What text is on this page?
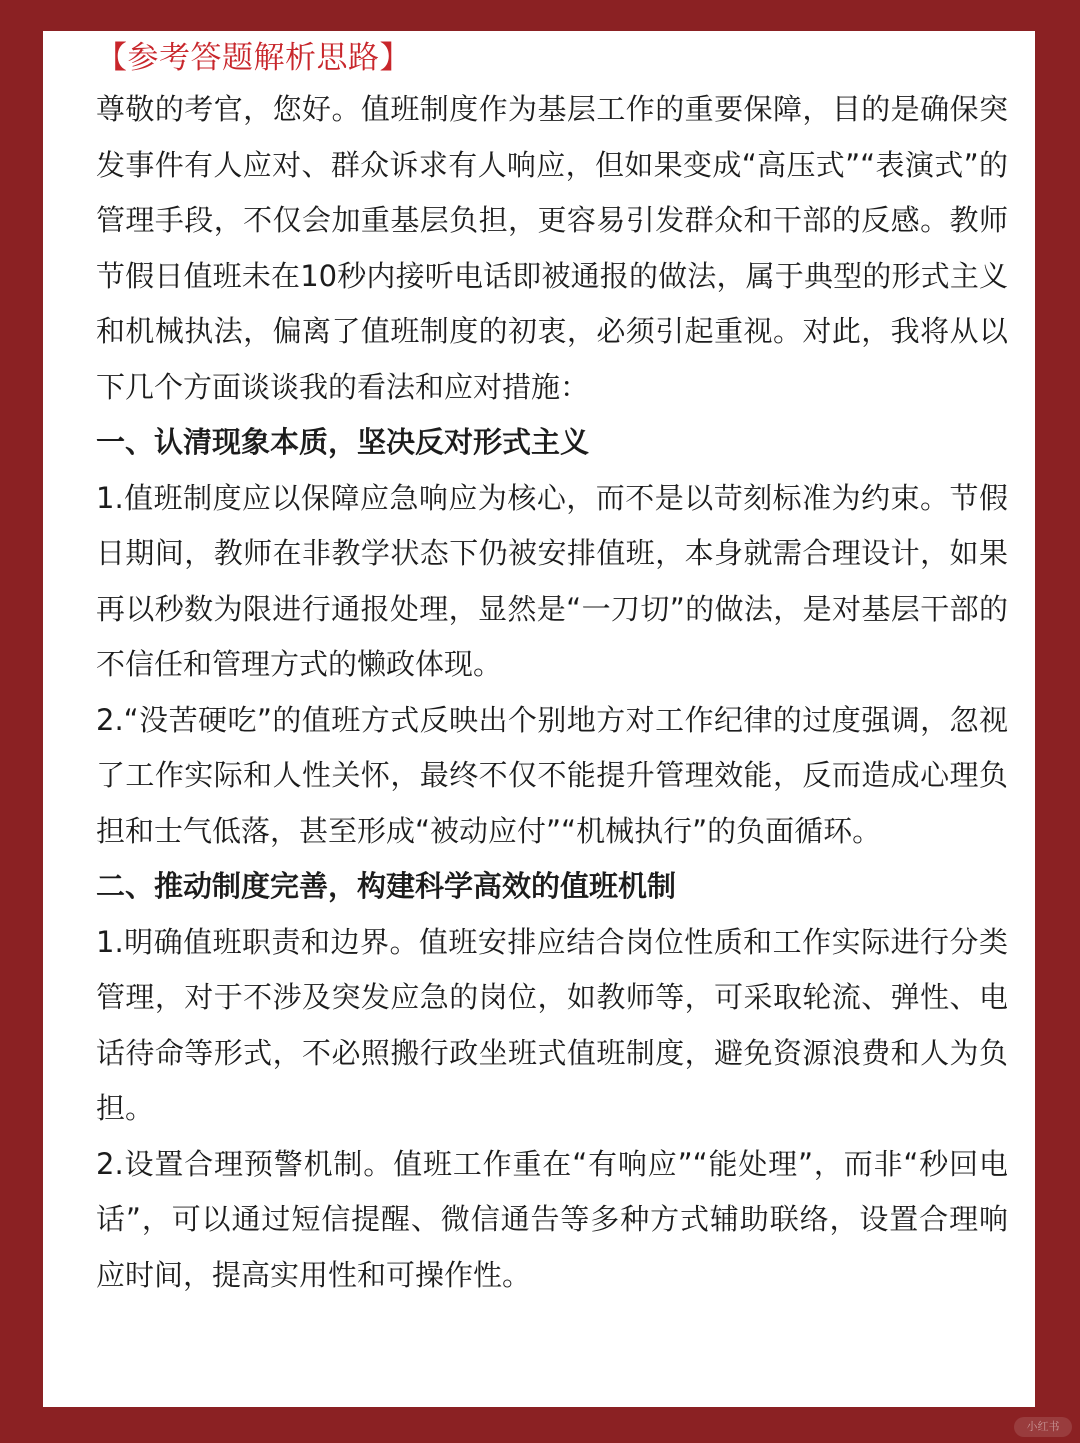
【参考答题解析思路】

尊敬的考官，您好。值班制度作为基层工作的重要保障，目的是确保突发事件有人应对、群众诉求有人响应，但如果变成“高压式”“表演式”的管理手段，不仅会加重基层负担，更容易引发群众和干部的反感。教师节假日值班未在10秒内接听电话即被通报的做法，属于典型的形式主义和机械执法，偏离了值班制度的初衷，必须引起重视。对此，我将从以下几个方面谈谈我的看法和应对措施：

一、认清现象本质，坚决反对形式主义

1.值班制度应以保障应急响应为核心，而不是以苛刻标准为约束。节假日期间，教师在非教学状态下仍被安排值班，本身就需合理设计，如果再以秒数为限进行通报处理，显然是“一刀切”的做法，是对基层干部的不信任和管理方式的懒政体现。

2.“没苦硬吃”的值班方式反映出个别地方对工作纪律的过度强调，忽视了工作实际和人性关怀，最终不仅不能提升管理效能，反而造成心理负担和士气低落，甚至形成“被动应付”“机械执行”的负面循环。

二、推动制度完善，构建科学高效的值班机制

1.明确值班职责和边界。值班安排应结合岗位性质和工作实际进行分类管理，对于不涉及突发应急的岗位，如教师等，可采取轮流、弹性、电话待命等形式，不必照搬行政坐班式值班制度，避免资源浪费和人为负担。

2.设置合理预警机制。值班工作重在“有响应”“能处理”，而非“秒回电话”，可以通过短信提醒、微信通告等多种方式辅助联络，设置合理响应时间，提高实用性和可操作性。

小红书
